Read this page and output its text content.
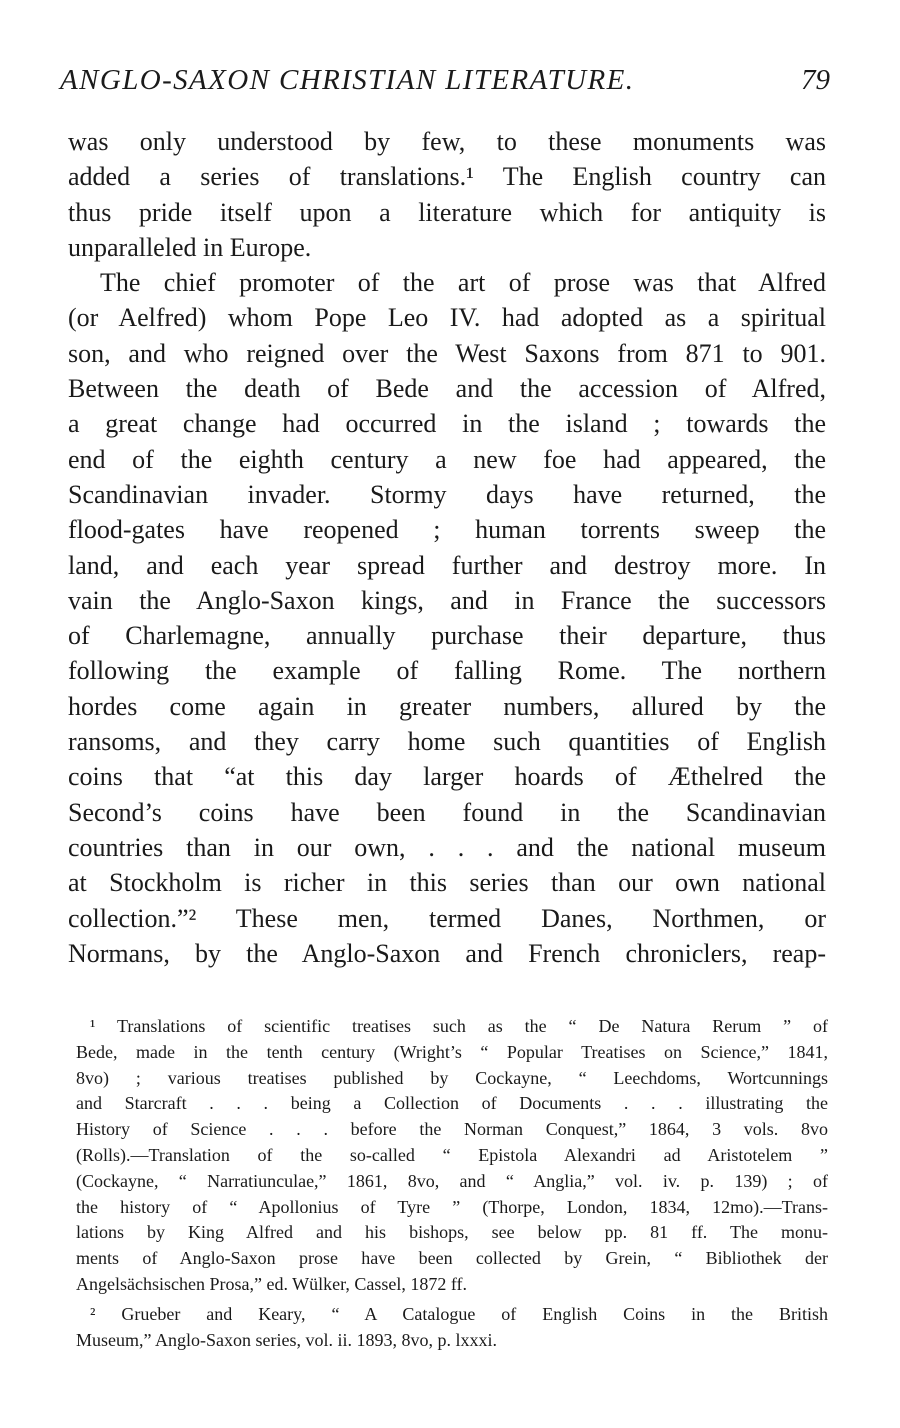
ANGLO-SAXON CHRISTIAN LITERATURE.	79
was only understood by few, to these monuments was
added a series of translations.¹ The English country can
thus pride itself upon a literature which for antiquity is
unparalleled in Europe.
The chief promoter of the art of prose was that Alfred
(or Aelfred) whom Pope Leo IV. had adopted as a spiritual
son, and who reigned over the West Saxons from 871 to 901.
Between the death of Bede and the accession of Alfred,
a great change had occurred in the island ; towards the
end of the eighth century a new foe had appeared, the
Scandinavian invader. Stormy days have returned, the
flood-gates have reopened ; human torrents sweep the
land, and each year spread further and destroy more. In
vain the Anglo-Saxon kings, and in France the successors
of Charlemagne, annually purchase their departure, thus
following the example of falling Rome. The northern
hordes come again in greater numbers, allured by the
ransoms, and they carry home such quantities of English
coins that “at this day larger hoards of Æthelred the
Second’s coins have been found in the Scandinavian
countries than in our own, . . . and the national museum
at Stockholm is richer in this series than our own national
collection.”² These men, termed Danes, Northmen, or
Normans, by the Anglo-Saxon and French chroniclers, reap-
¹ Translations of scientific treatises such as the “ De Natura Rerum ” of
Bede, made in the tenth century (Wright’s “ Popular Treatises on Science,” 1841,
8vo) ; various treatises published by Cockayne, “ Leechdoms, Wortcunnings
and Starcraft . . . being a Collection of Documents . . . illustrating the
History of Science . . . before the Norman Conquest,” 1864, 3 vols. 8vo
(Rolls).—Translation of the so-called “ Epistola Alexandri ad Aristotelem ”
(Cockayne, “ Narratiunculae,” 1861, 8vo, and “ Anglia,” vol. iv. p. 139) ; of
the history of “ Apollonius of Tyre ” (Thorpe, London, 1834, 12mo).—Trans-
lations by King Alfred and his bishops, see below pp. 81 ff. The monu-
ments of Anglo-Saxon prose have been collected by Grein, “ Bibliothek der
Angelsächsischen Prosa,” ed. Wülker, Cassel, 1872 ff.
² Grueber and Keary, “ A Catalogue of English Coins in the British
Museum,” Anglo-Saxon series, vol. ii. 1893, 8vo, p. lxxxi.
